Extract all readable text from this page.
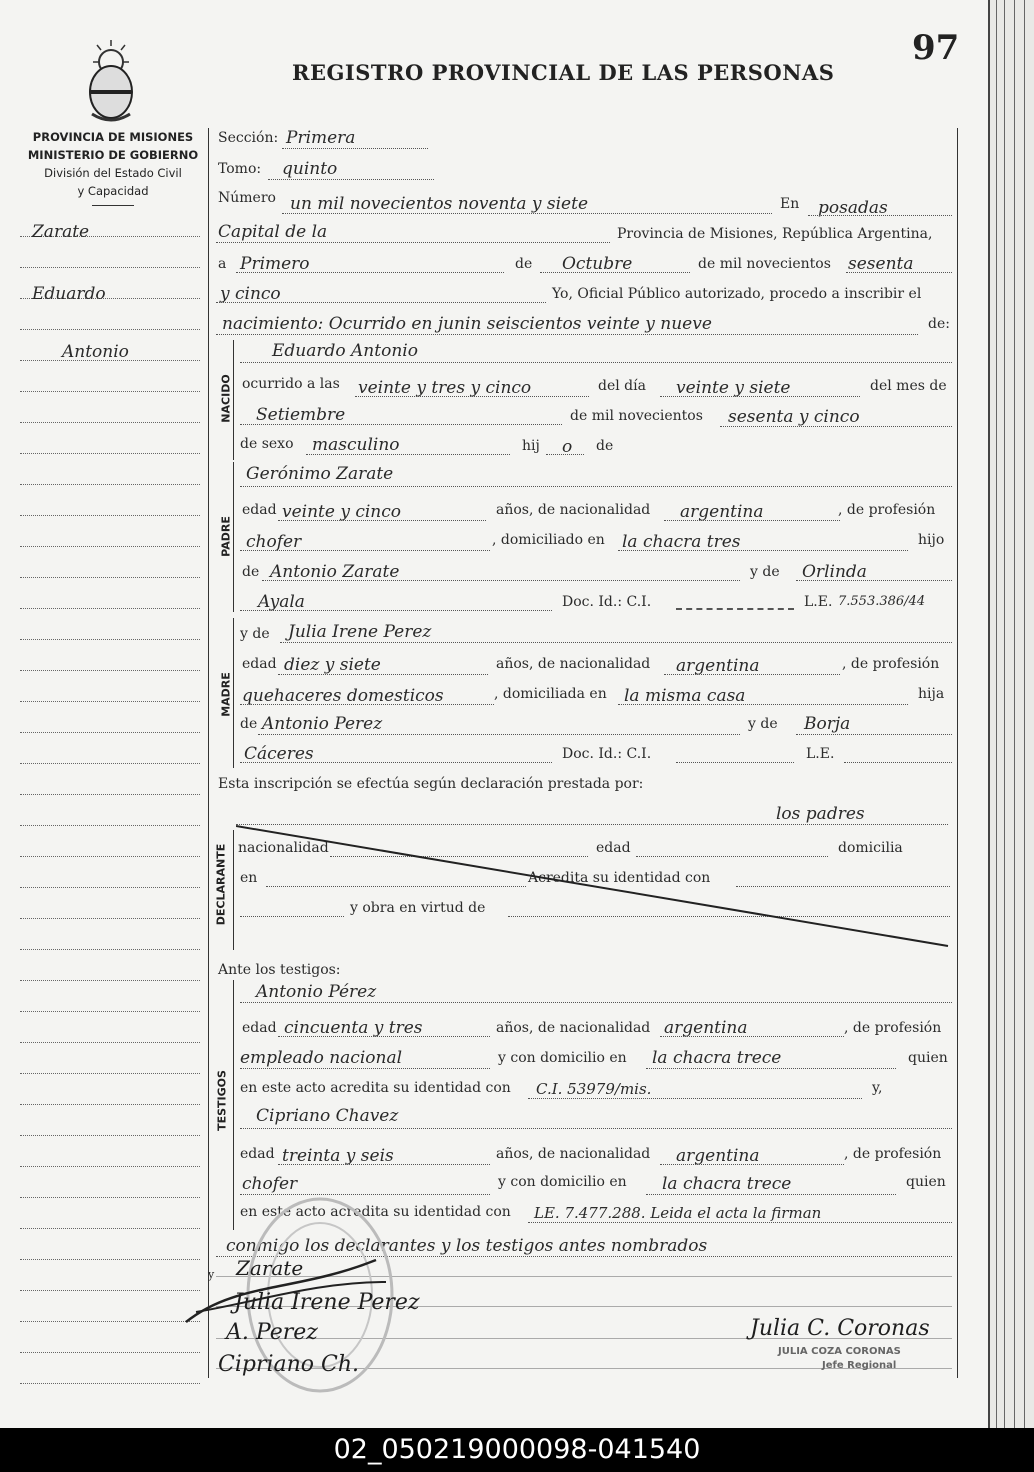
REGISTRO PROVINCIAL DE LAS PERSONAS
97
PROVINCIA DE MISIONES
MINISTERIO DE GOBIERNO
División del Estado Civil
y Capacidad
Zarate
Eduardo
Antonio
Sección: Primera
Tomo: quinto
Número un mil novecientos noventa y siete	En posadas
Capital de la	Provincia de Misiones, República Argentina,
a Primero	de Octubre	de mil novecientos sesenta
y cinco	Yo, Oficial Público autorizado, procedo a inscribir el
nacimiento: Ocurrido en junin seiscientos veinte y nueve	de:
NACIDO
Eduardo Antonio
ocurrido a las veinte y tres y cinco	del día veinte y siete	del mes de
Setiembre	de mil novecientos sesenta y cinco
de sexo masculino	hij o de
PADRE
Gerónimo Zarate
edad veinte y cinco	años, de nacionalidad argentina	, de profesión
chofer	, domiciliado en la chacra tres	hijo
de Antonio Zarate	y de Orlinda
Ayala	Doc. Id.: C.I.	L.E. 7.553.386/44
MADRE
y de Julia Irene Perez
edad diez y siete	años, de nacionalidad argentina	, de profesión
quehaceres domesticos	, domiciliada en la misma casa	hija
de Antonio Perez	y de Borja
Cáceres	Doc. Id.: C.I.	L.E.
Esta inscripción se efectúa según declaración prestada por:
los padres
DECLARANTE nacionalidad	edad	domicilia
en	Acredita su identidad con
y obra en virtud de
Ante los testigos:
TESTIGOS
Antonio Pérez
edad cincuenta y tres	años, de nacionalidad argentina	, de profesión
empleado nacional	y con domicilio en la chacra trece	quien
en este acto acredita su identidad con C.I. 53979/mis.	y,
Cipriano Chavez
edad treinta y seis	años, de nacionalidad argentina	, de profesión
chofer	y con domicilio en la chacra trece	quien
en este acto acredita su identidad con LE. 7.477.288. Leida el acta la firman
conmigo los declarantes y los testigos antes nombrados
y Zarate
Julia Irene Perez
A. Perez
Cipriano Ch.
Julia C. Coronas
JULIA COZA CORONAS
Jefe Regional
02_050219000098-041540
